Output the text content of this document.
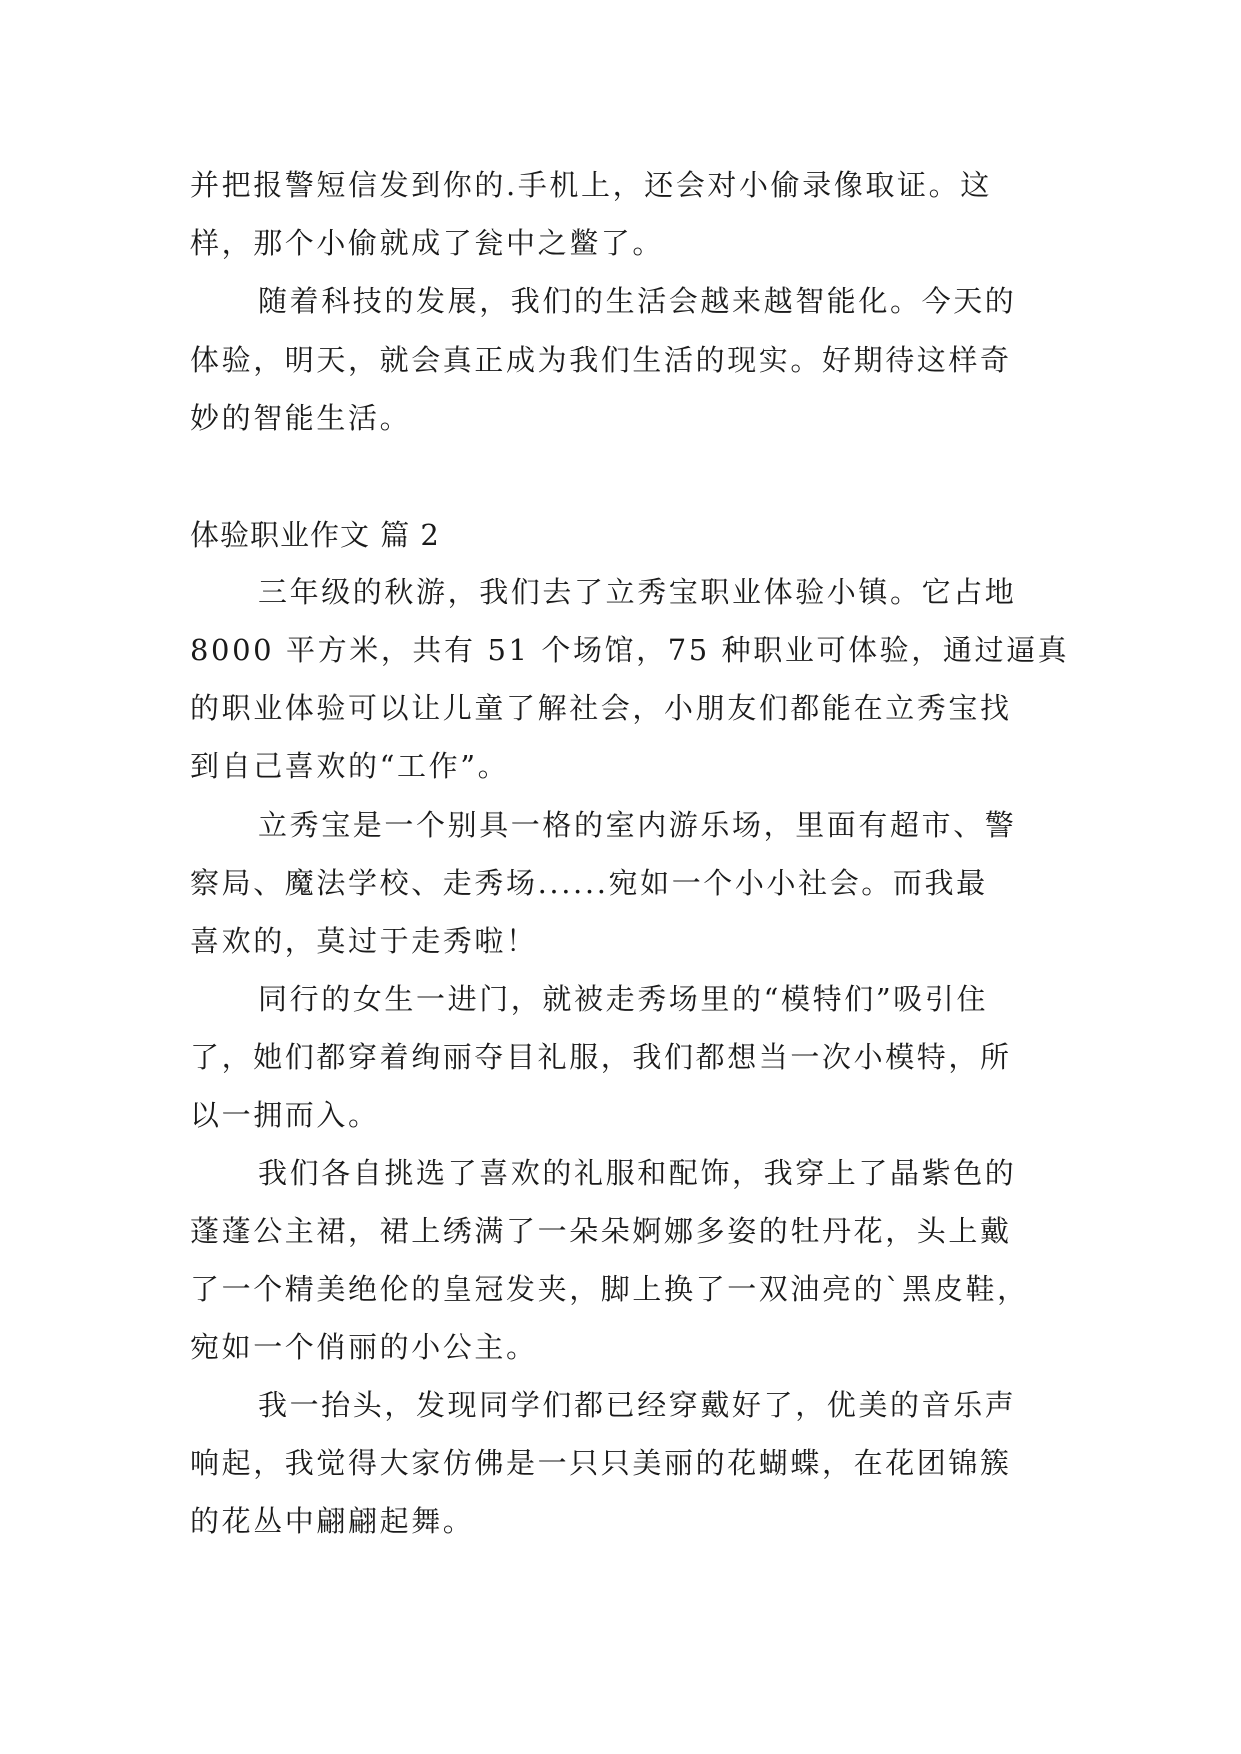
并把报警短信发到你的.手机上，还会对小偷录像取证。这
样，那个小偷就成了瓮中之鳖了。
随着科技的发展，我们的生活会越来越智能化。今天的
体验，明天，就会真正成为我们生活的现实。好期待这样奇
妙的智能生活。
体验职业作文 篇 2
三年级的秋游，我们去了立秀宝职业体验小镇。它占地
8000 平方米，共有 51 个场馆，75 种职业可体验，通过逼真
的职业体验可以让儿童了解社会，小朋友们都能在立秀宝找
到自己喜欢的“工作”。
立秀宝是一个别具一格的室内游乐场，里面有超市、警
察局、魔法学校、走秀场......宛如一个小小社会。而我最
喜欢的，莫过于走秀啦！
同行的女生一进门，就被走秀场里的“模特们”吸引住
了，她们都穿着绚丽夺目礼服，我们都想当一次小模特，所
以一拥而入。
我们各自挑选了喜欢的礼服和配饰，我穿上了晶紫色的
蓬蓬公主裙，裙上绣满了一朵朵婀娜多姿的牡丹花，头上戴
了一个精美绝伦的皇冠发夹，脚上换了一双油亮的`黑皮鞋，
宛如一个俏丽的小公主。
我一抬头，发现同学们都已经穿戴好了，优美的音乐声
响起，我觉得大家仿佛是一只只美丽的花蝴蝶，在花团锦簇
的花丛中翩翩起舞。
